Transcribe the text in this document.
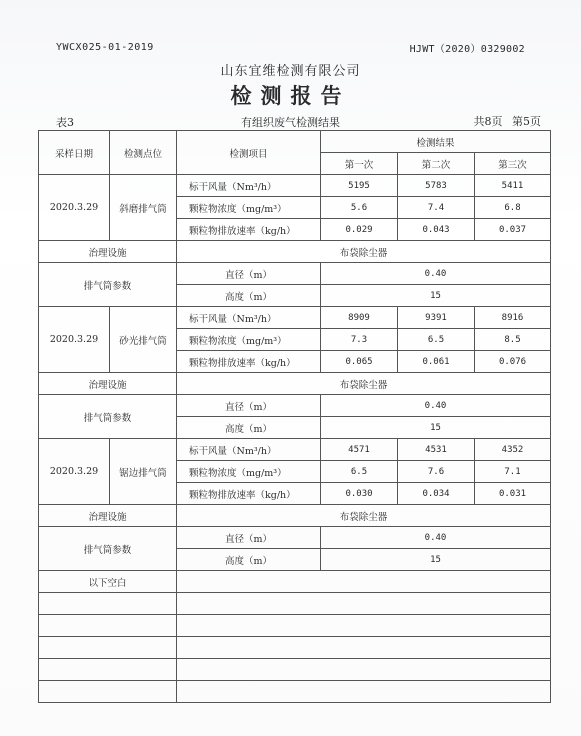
YWCX025-01-2019	HJWT（2020）0329002
山东宜维检测有限公司
检测报告
表3	有组织废气检测结果	共8页 第5页
采样日期	检测点位	检测项目	检测结果		
			第一次	第二次	第三次
2020.3.29	斜磨排气筒	标干风量（Nm³/h）	5195	5783	5411
		颗粒物浓度（mg/m³）	5.6	7.4	6.8
		颗粒物排放速率（kg/h）	0.029	0.043	0.037
治理设施		布袋除尘器			
排气筒参数		直径（m）	0.40		
		高度（m）	15		
2020.3.29	砂光排气筒	标干风量（Nm³/h）	8909	9391	8916
		颗粒物浓度（mg/m³）	7.3	6.5	8.5
		颗粒物排放速率（kg/h）	0.065	0.061	0.076
治理设施		布袋除尘器			
排气筒参数		直径（m）	0.40		
		高度（m）	15		
2020.3.29	锯边排气筒	标干风量（Nm³/h）	4571	4531	4352
		颗粒物浓度（mg/m³）	6.5	7.6	7.1
		颗粒物排放速率（kg/h）	0.030	0.034	0.031
治理设施		布袋除尘器			
排气筒参数		直径（m）	0.40		
		高度（m）	15		
以下空白					
